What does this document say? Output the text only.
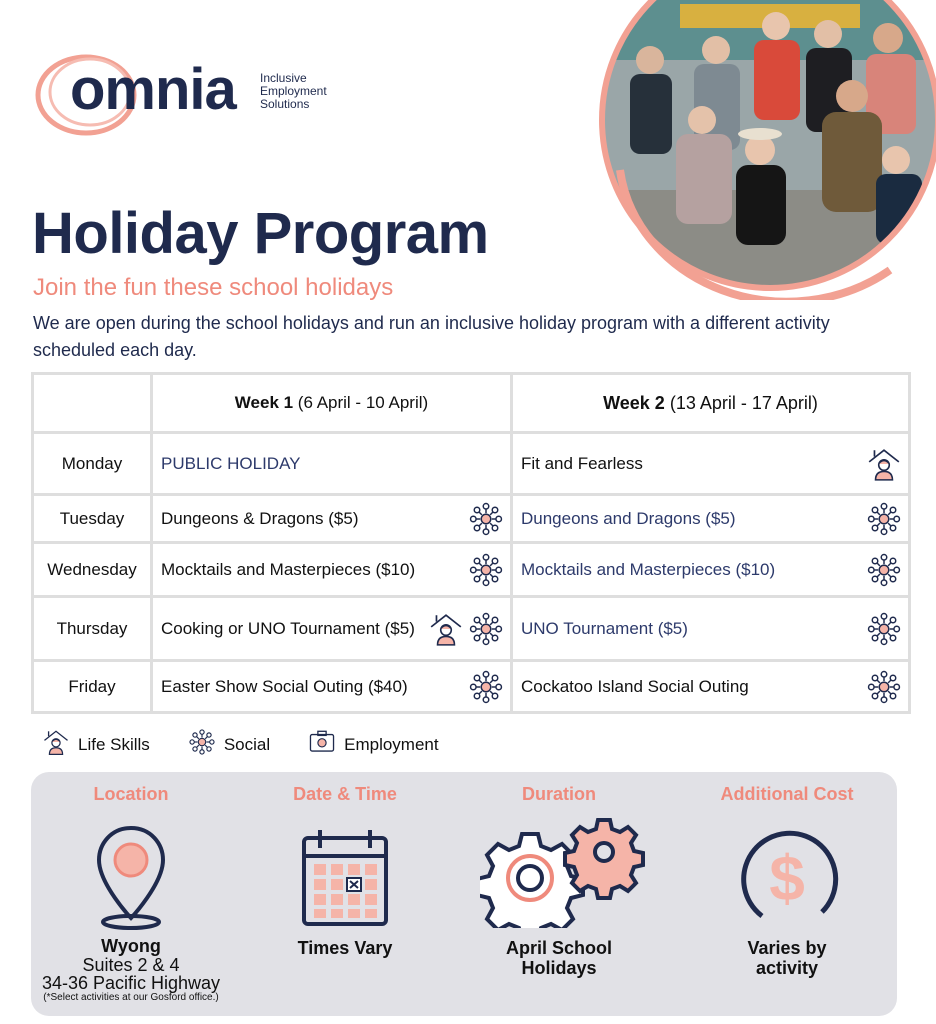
omnia Inclusive
Employment
Solutions
Holiday Program
Join the fun these school holidays
We are open during the school holidays and run an inclusive holiday program with a different activity scheduled each day.
	Week 1 (6 April - 10 April)	Week 2 (13 April - 17 April)
Monday	PUBLIC HOLIDAY	Fit and Fearless

Tuesday	Dungeons & Dragons ($5)	Dungeons and Dragons ($5)

Wednesday	Mocktails and Masterpieces ($10)	Mocktails and Masterpieces ($10)

Thursday	Cooking or UNO Tournament ($5)	UNO Tournament ($5)

Friday	Easter Show Social Outing ($40)	Cockatoo Island Social Outing
Life Skills	Social	Employment
Location
Wyong
Suites 2 & 4
34-36 Pacific Highway
(*Select activities at our Gosford office.)
Date & Time
Times Vary
Duration
April School
Holidays
Additional Cost
$
Varies by
activity
